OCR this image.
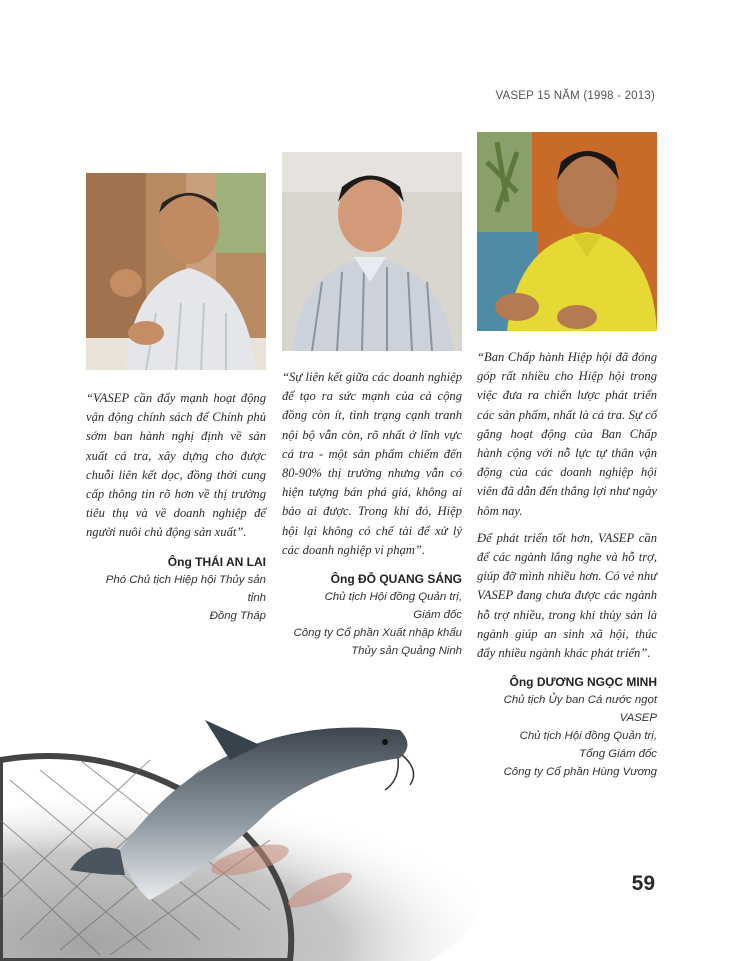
VASEP 15 NĂM (1998 - 2013)

“VASEP cần đẩy mạnh hoạt động vận động chính sách để Chính phủ sớm ban hành nghị định về sản xuất cá tra, xây dựng cho được chuỗi liên kết dọc, đồng thời cung cấp thông tin rõ hơn về thị trường tiêu thụ và về doanh nghiệp để người nuôi chủ động sản xuất”.

Ông THÁI AN LAI
Phó Chủ tịch Hiệp hội Thủy sản tỉnh
Đồng Tháp

“Sự liên kết giữa các doanh nghiệp để tạo ra sức mạnh của cả cộng đồng còn ít, tình trạng cạnh tranh nội bộ vẫn còn, rõ nhất ở lĩnh vực cá tra - một sản phẩm chiếm đến 80-90% thị trường nhưng vẫn có hiện tượng bán phá giá, không ai bảo ai được. Trong khi đó, Hiệp hội lại không có chế tài để xử lý các doanh nghiệp vi phạm”.

Ông ĐỖ QUANG SÁNG
Chủ tịch Hội đồng Quản trị,
Giám đốc
Công ty Cổ phần Xuất nhập khẩu
Thủy sản Quảng Ninh

“Ban Chấp hành Hiệp hội đã đóng góp rất nhiều cho Hiệp hội trong việc đưa ra chiến lược phát triển các sản phẩm, nhất là cá tra. Sự cố gắng hoạt động của Ban Chấp hành cộng với nỗ lực tự thân vận động của các doanh nghiệp hội viên đã dẫn đến thắng lợi như ngày hôm nay.

Để phát triển tốt hơn, VASEP cần để các ngành lắng nghe và hỗ trợ, giúp đỡ mình nhiều hơn. Có vẻ như VASEP đang chưa được các ngành hỗ trợ nhiều, trong khi thủy sản là ngành giúp an sinh xã hội, thúc đẩy nhiều ngành khác phát triển”.

Ông DƯƠNG NGỌC MINH
Chủ tịch Ủy ban Cá nước ngọt VASEP
Chủ tịch Hội đồng Quản trị,
Tổng Giám đốc
Công ty Cổ phần Hùng Vương
59
